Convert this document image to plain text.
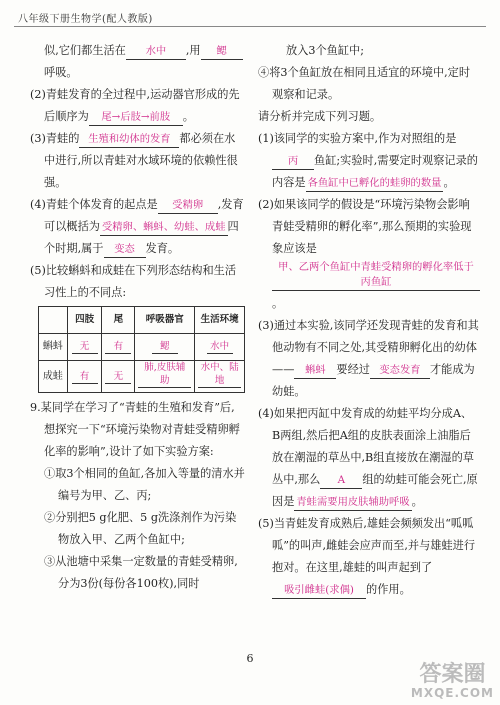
八年级下册生物学(配人教版)
似,它们都生活在 水中 ,用 鳃
呼吸。
(2)青蛙发育的全过程中,运动器官形成的先后顺序为 尾→后肢→前肢 。
(3)青蛙的 生殖和幼体的发育 都必须在水中进行,所以青蛙对水域环境的依赖性很强。
(4)青蛙个体发育的起点是 受精卵 ,发育可以概括为 受精卵、蝌蚪、幼蛙、成蛙 四个时期,属于 变态 发育。
(5)比较蝌蚪和成蛙在下列形态结构和生活习性上的不同点:
	四肢	尾	呼吸器官	生活环境
蝌蚪	无	有	鳃	水中
成蛙	有	无	肺,皮肤辅助	水中、陆地
9.某同学在学习了“青蛙的生殖和发育”后,想探究一下“环境污染物对青蛙受精卵孵化率的影响”,设计了如下实验方案:
①取3个相同的鱼缸,各加入等量的清水并编号为甲、乙、丙;
②分别把5 g化肥、5 g洗涤剂作为污染物放入甲、乙两个鱼缸中;
③从池塘中采集一定数量的青蛙受精卵,分为3份(每份各100枚),同时
放入3个鱼缸中;
④将3个鱼缸放在相同且适宜的环境中,定时观察和记录。
请分析并完成下列习题。
(1)该同学的实验方案中,作为对照组的是丙 鱼缸;实验时,需要定时观察记录的内容是 各鱼缸中已孵化的蛙卵的数量 。
(2)如果该同学的假设是“环境污染物会影响青蛙受精卵的孵化率”,那么预期的实验现象应该是甲、乙两个鱼缸中青蛙受精卵的孵化率低于丙鱼缸。
(3)通过本实验,该同学还发现青蛙的发育和其他动物有不同之处,其受精卵孵化出的幼体—— 蝌蚪 要经过 变态发育 才能成为幼蛙。
(4)如果把丙缸中发育成的幼蛙平均分成A、B两组,然后把A组的皮肤表面涂上油脂后放在潮湿的草丛中,B组直接放在潮湿的草丛中,那么 A 组的幼蛙可能会死亡,原因是 青蛙需要用皮肤辅助呼吸 。
(5)当青蛙发育成熟后,雄蛙会频频发出“呱呱呱”的叫声,雌蛙会应声而至,并与雄蛙进行抱对。在这里,雄蛙的叫声起到了吸引雌蛙(求偶) 的作用。
6
答案圈
MXQE.COM
